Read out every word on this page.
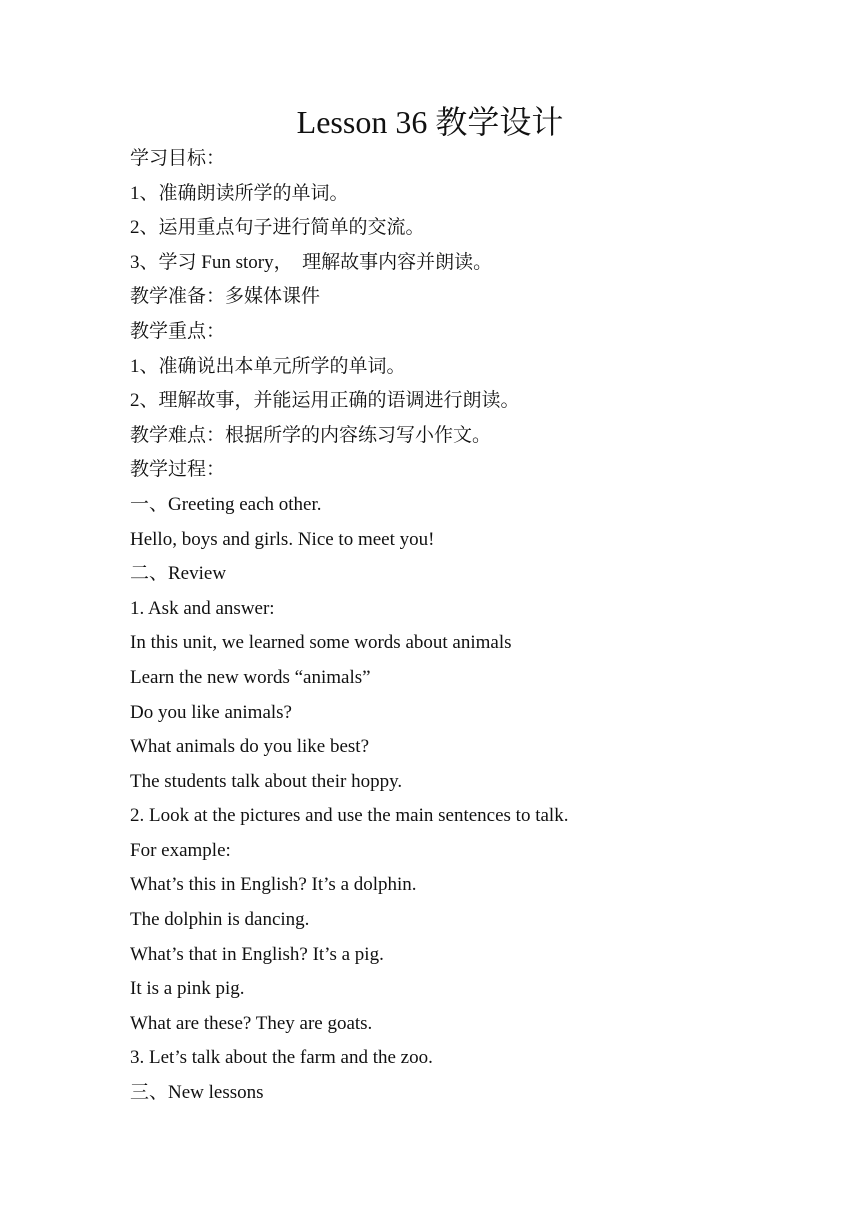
Lesson 36 教学设计
学习目标：
1、准确朗读所学的单词。
2、运用重点句子进行简单的交流。
3、学习 Fun story，  理解故事内容并朗读。
教学准备：多媒体课件
教学重点：
1、准确说出本单元所学的单词。
2、理解故事，并能运用正确的语调进行朗读。
教学难点：根据所学的内容练习写小作文。
教学过程：
一、Greeting each other.
Hello, boys and girls. Nice to meet you!
二、Review
1. Ask and answer:
In this unit, we learned some words about animals
Learn the new words “animals”
Do you like animals?
What animals do you like best?
The students talk about their hoppy.
2. Look at the pictures and use the main sentences to talk.
For example:
What’s this in English? It’s a dolphin.
The dolphin is dancing.
What’s that in English? It’s a pig.
It is a pink pig.
What are these? They are goats.
3. Let’s talk about the farm and the zoo.
三、New lessons
